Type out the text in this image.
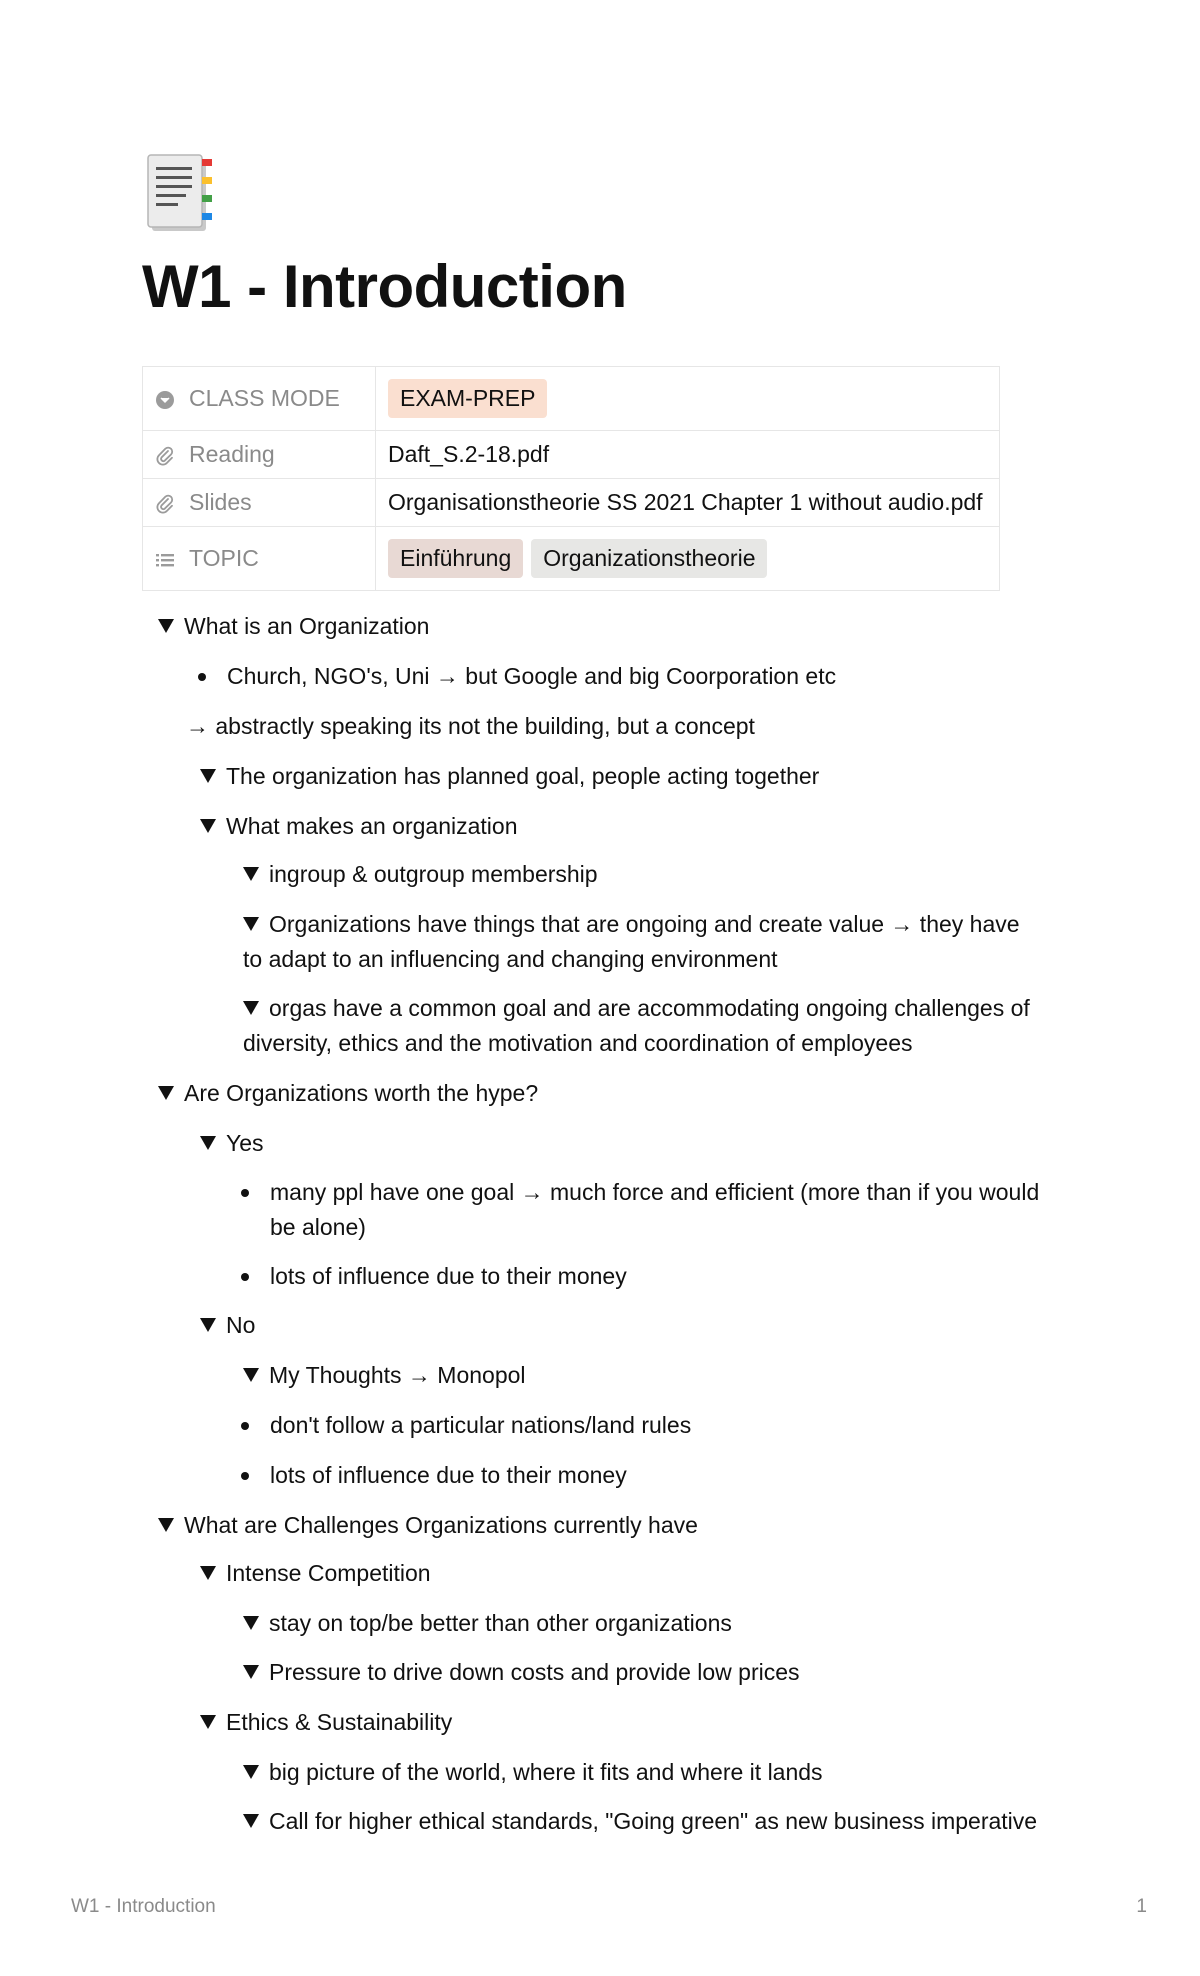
W1 - Introduction
CLASS MODE	EXAM-PREP

Reading	Daft_S.2-18.pdf

Slides	Organisationstheorie SS 2021 Chapter 1 without audio.pdf

TOPIC	Einführung Organizationstheorie
What is an Organization
Church, NGO's, Uni → but Google and big Coorporation etc
→ abstractly speaking its not the building, but a concept
The organization has planned goal, people acting together
What makes an organization
ingroup & outgroup membership
Organizations have things that are ongoing and create value → they have
to adapt to an influencing and changing environment
orgas have a common goal and are accommodating ongoing challenges of
diversity, ethics and the motivation and coordination of employees
Are Organizations worth the hype?
Yes
many ppl have one goal → much force and efficient (more than if you would
be alone)
lots of influence due to their money
No
My Thoughts → Monopol
don't follow a particular nations/land rules
lots of influence due to their money
What are Challenges Organizations currently have
Intense Competition
stay on top/be better than other organizations
Pressure to drive down costs and provide low prices
Ethics & Sustainability
big picture of the world, where it fits and where it lands
Call for higher ethical standards, "Going green" as new business imperative
W1 - Introduction	1
